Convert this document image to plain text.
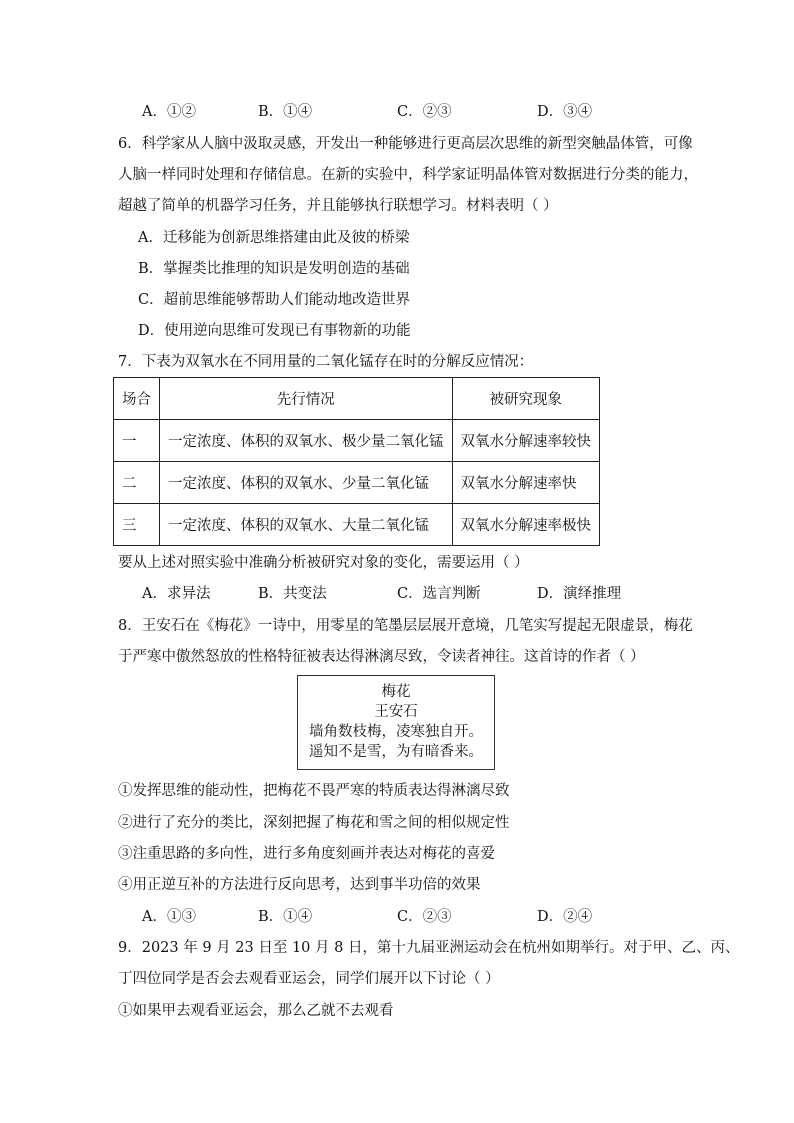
A．①②	B．①④	C．②③	D．③④
6．科学家从人脑中汲取灵感，开发出一种能够进行更高层次思维的新型突触晶体管，可像
人脑一样同时处理和存储信息。在新的实验中，科学家证明晶体管对数据进行分类的能力，
超越了简单的机器学习任务，并且能够执行联想学习。材料表明（ ）
A．迁移能为创新思维搭建由此及彼的桥梁
B．掌握类比推理的知识是发明创造的基础
C．超前思维能够帮助人们能动地改造世界
D．使用逆向思维可发现已有事物新的功能
7．下表为双氧水在不同用量的二氧化锰存在时的分解反应情况：
场合	先行情况	被研究现象
一	一定浓度、体积的双氧水、极少量二氧化锰	双氧水分解速率较快
二	一定浓度、体积的双氧水、少量二氧化锰	双氧水分解速率快
三	一定浓度、体积的双氧水、大量二氧化锰	双氧水分解速率极快
要从上述对照实验中准确分析被研究对象的变化，需要运用（ ）
A．求异法	B．共变法	C．选言判断	D．演绎推理
8．王安石在《梅花》一诗中，用零星的笔墨层层展开意境，几笔实写提起无限虚景，梅花
于严寒中傲然怒放的性格特征被表达得淋漓尽致，令读者神往。这首诗的作者（ ）
梅花
王安石
墙角数枝梅，凌寒独自开。
遥知不是雪，为有暗香来。
①发挥思维的能动性，把梅花不畏严寒的特质表达得淋漓尽致
②进行了充分的类比，深刻把握了梅花和雪之间的相似规定性
③注重思路的多向性，进行多角度刻画并表达对梅花的喜爱
④用正逆互补的方法进行反向思考，达到事半功倍的效果
A．①③	B．①④	C．②③	D．②④
9．2023 年 9 月 23 日至 10 月 8 日，第十九届亚洲运动会在杭州如期举行。对于甲、乙、丙、
丁四位同学是否会去观看亚运会，同学们展开以下讨论（ ）
①如果甲去观看亚运会，那么乙就不去观看
